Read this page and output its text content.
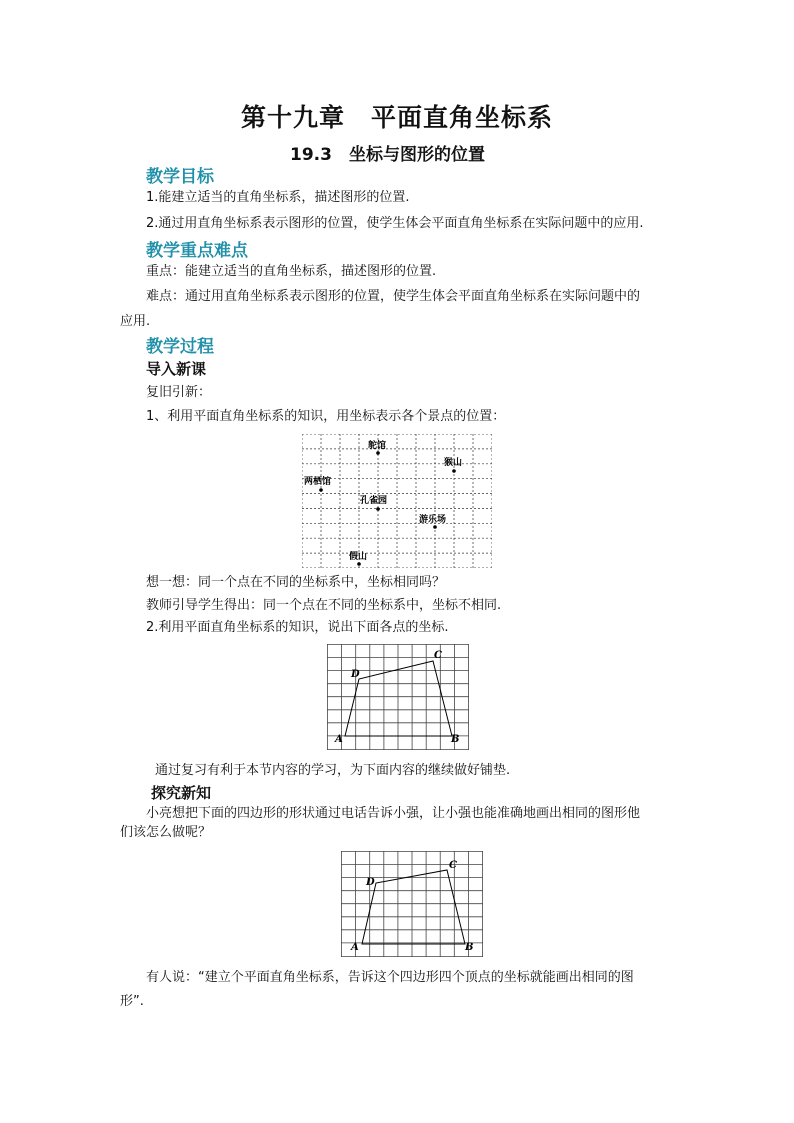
第十九章　平面直角坐标系
19.3　坐标与图形的位置
教学目标
1.能建立适当的直角坐标系，描述图形的位置.
2.通过用直角坐标系表示图形的位置，使学生体会平面直角坐标系在实际问题中的应用.
教学重点难点
重点：能建立适当的直角坐标系，描述图形的位置.
难点：通过用直角坐标系表示图形的位置，使学生体会平面直角坐标系在实际问题中的
应用.
教学过程
导入新课
复旧引新：
1、利用平面直角坐标系的知识，用坐标表示各个景点的位置：
鸵馆
猴山
两栖馆
孔雀园
游乐场
假山
想一想：同一个点在不同的坐标系中，坐标相同吗？
教师引导学生得出：同一个点在不同的坐标系中，坐标不相同.
2.利用平面直角坐标系的知识，说出下面各点的坐标.
A	B
C
D
通过复习有利于本节内容的学习，为下面内容的继续做好铺垫.
探究新知
小亮想把下面的四边形的形状通过电话告诉小强，让小强也能准确地画出相同的图形他
们该怎么做呢？
A	B
C
D
有人说：“建立个平面直角坐标系，告诉这个四边形四个顶点的坐标就能画出相同的图
形”.
